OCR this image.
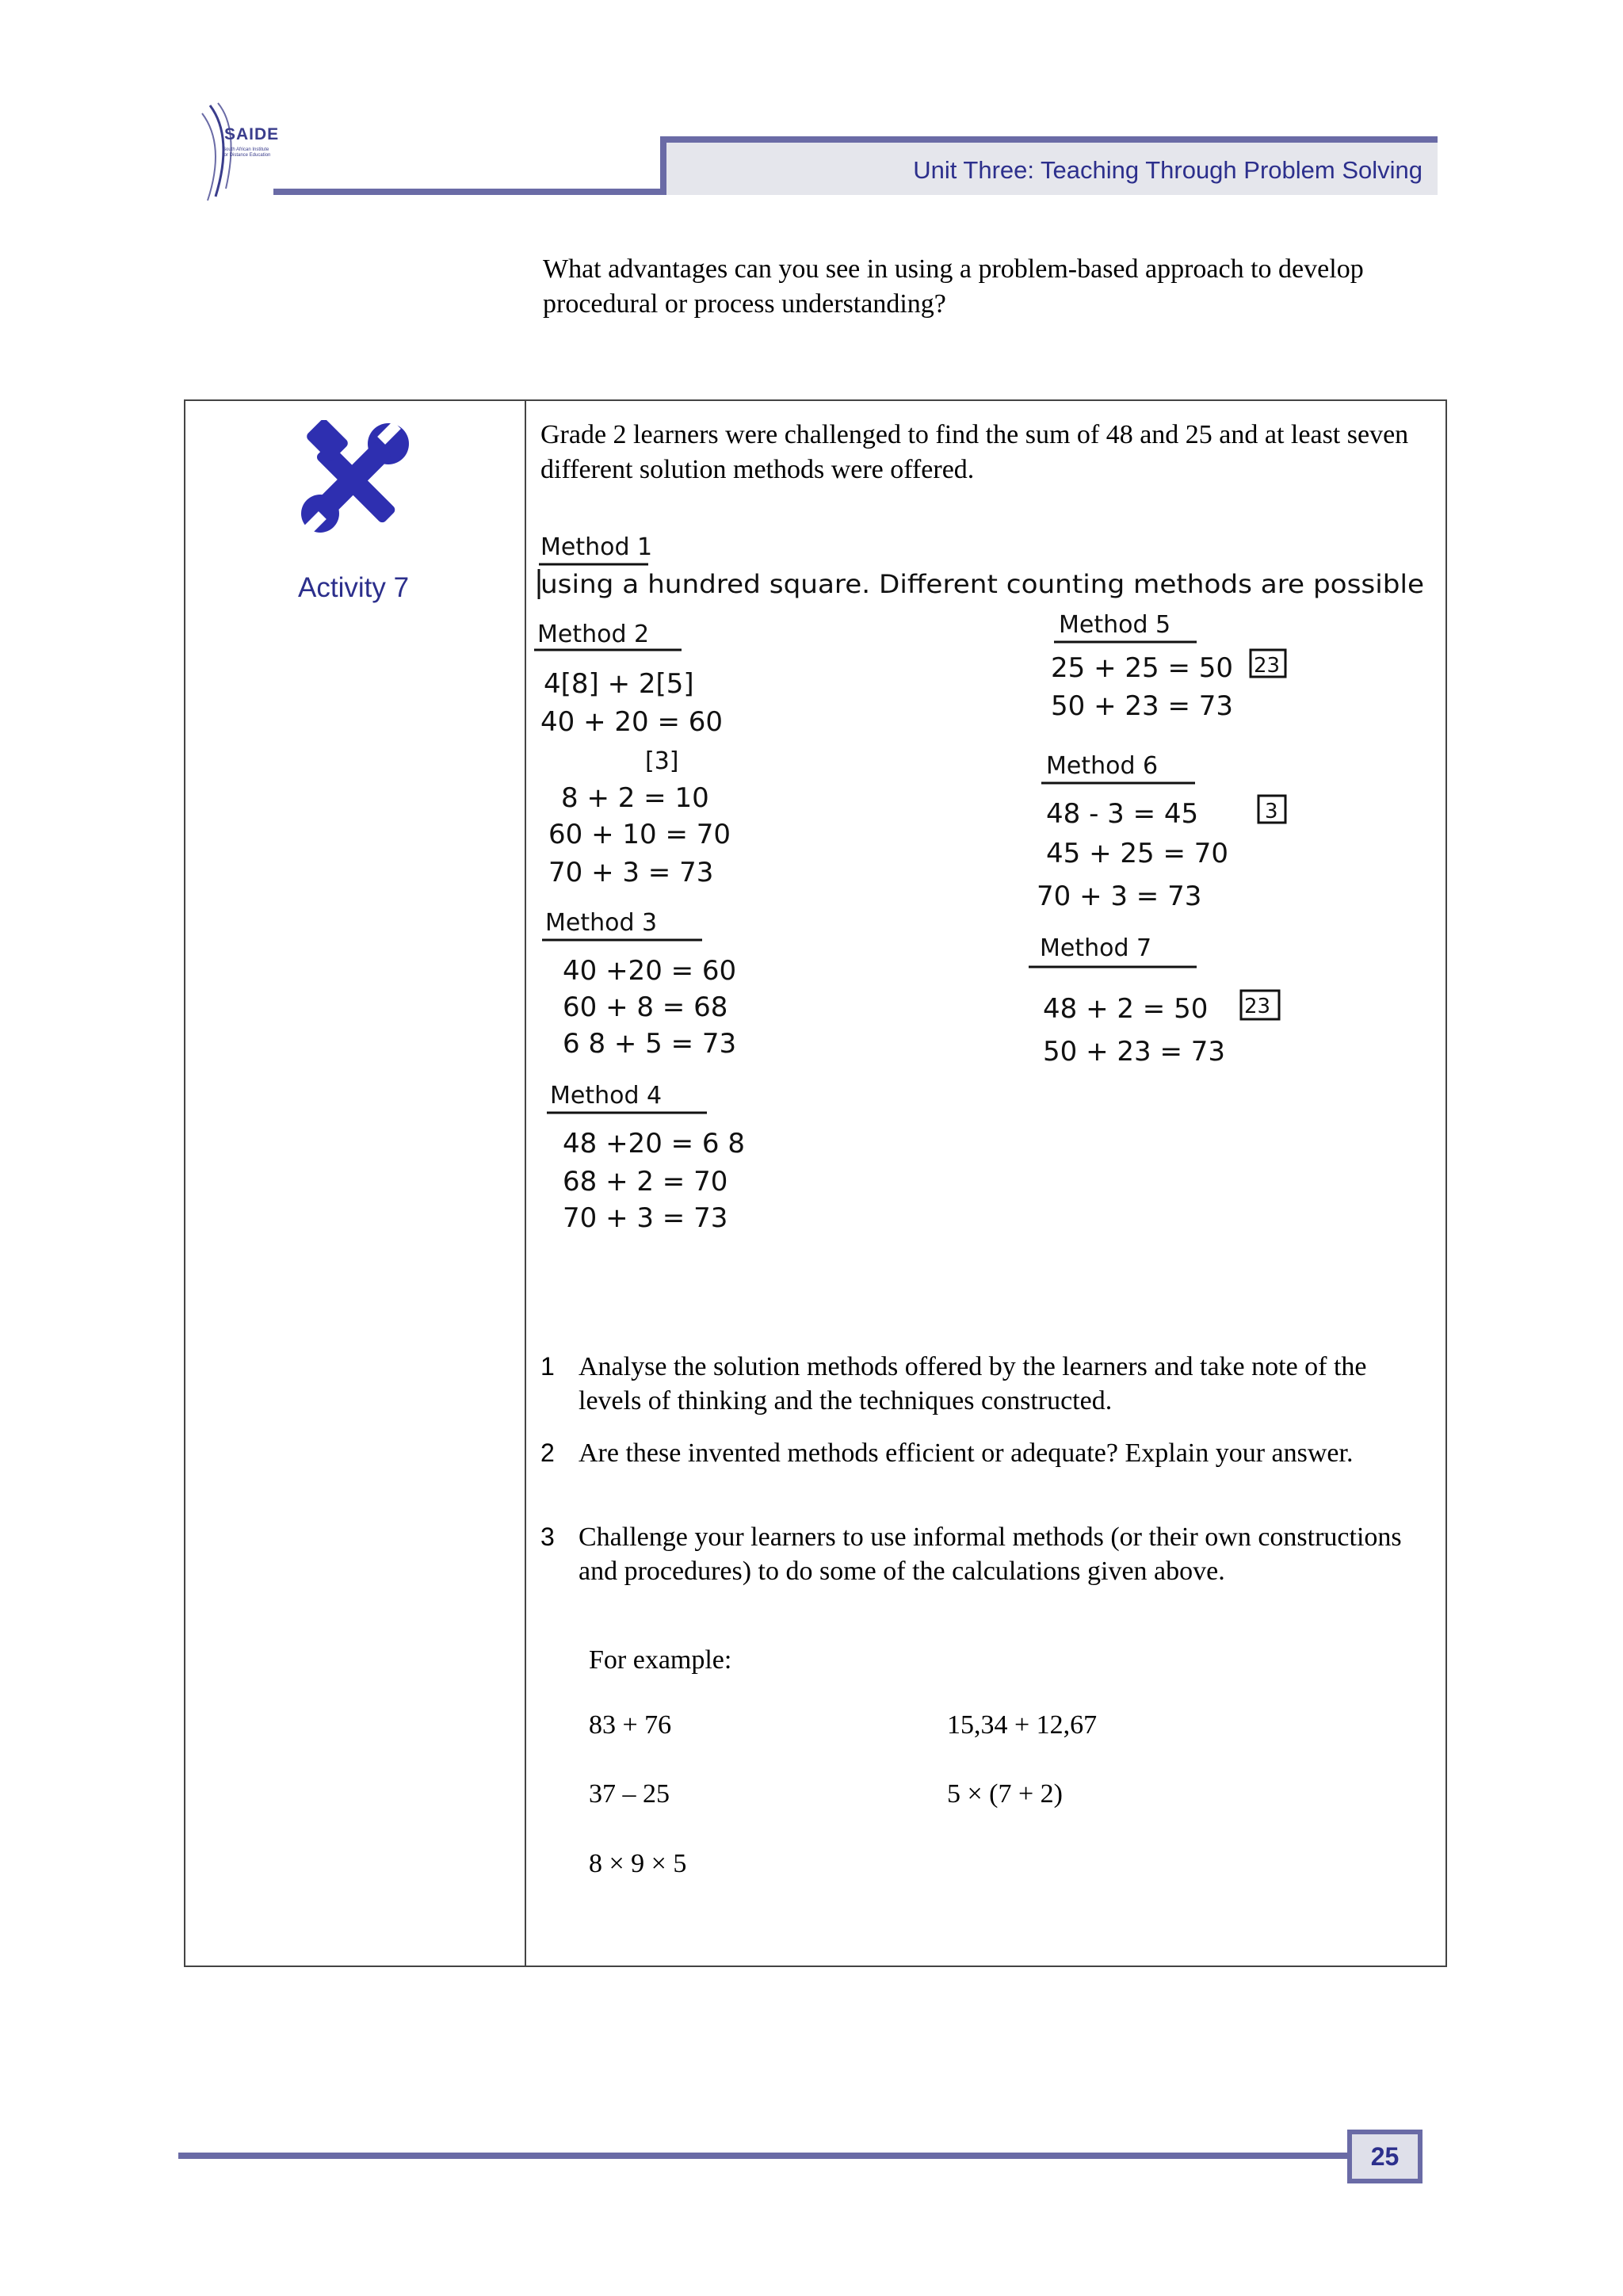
SAIDE
South African Institute for Distance Education
Unit Three: Teaching Through Problem Solving
What advantages can you see in using a problem-based approach to develop procedural or process understanding?
Activity 7
Grade 2 learners were challenged to find the sum of 48 and 25 and at least seven different solution methods were offered.
Method 1
using a hundred square. Different counting methods are possible
Method 2
4[8] + 2[5]
40 + 20 = 60
[3]
8 + 2 = 10
60 + 10 = 70
70 + 3 = 73
Method 3
40 +20 = 60
60 + 8 = 68
6 8 + 5 = 73
Method 4
48 +20 = 6 8
68 + 2 = 70
70 + 3 = 73
Method 5
25 + 25 = 50
50 + 23 = 73
23
Method 6
48 - 3 = 45
45 + 25 = 70
70 + 3 = 73
3
Method 7
48 + 2 = 50
50 + 23 = 73
23
1 Analyse the solution methods offered by the learners and take note of the levels of thinking and the techniques constructed.
2 Are these invented methods efficient or adequate? Explain your answer.
3 Challenge your learners to use informal methods (or their own constructions and procedures) to do some of the calculations given above.
For example:
83 + 76	15,34 + 12,67
37 – 25	5 × (7 + 2)
8 × 9 × 5
25
